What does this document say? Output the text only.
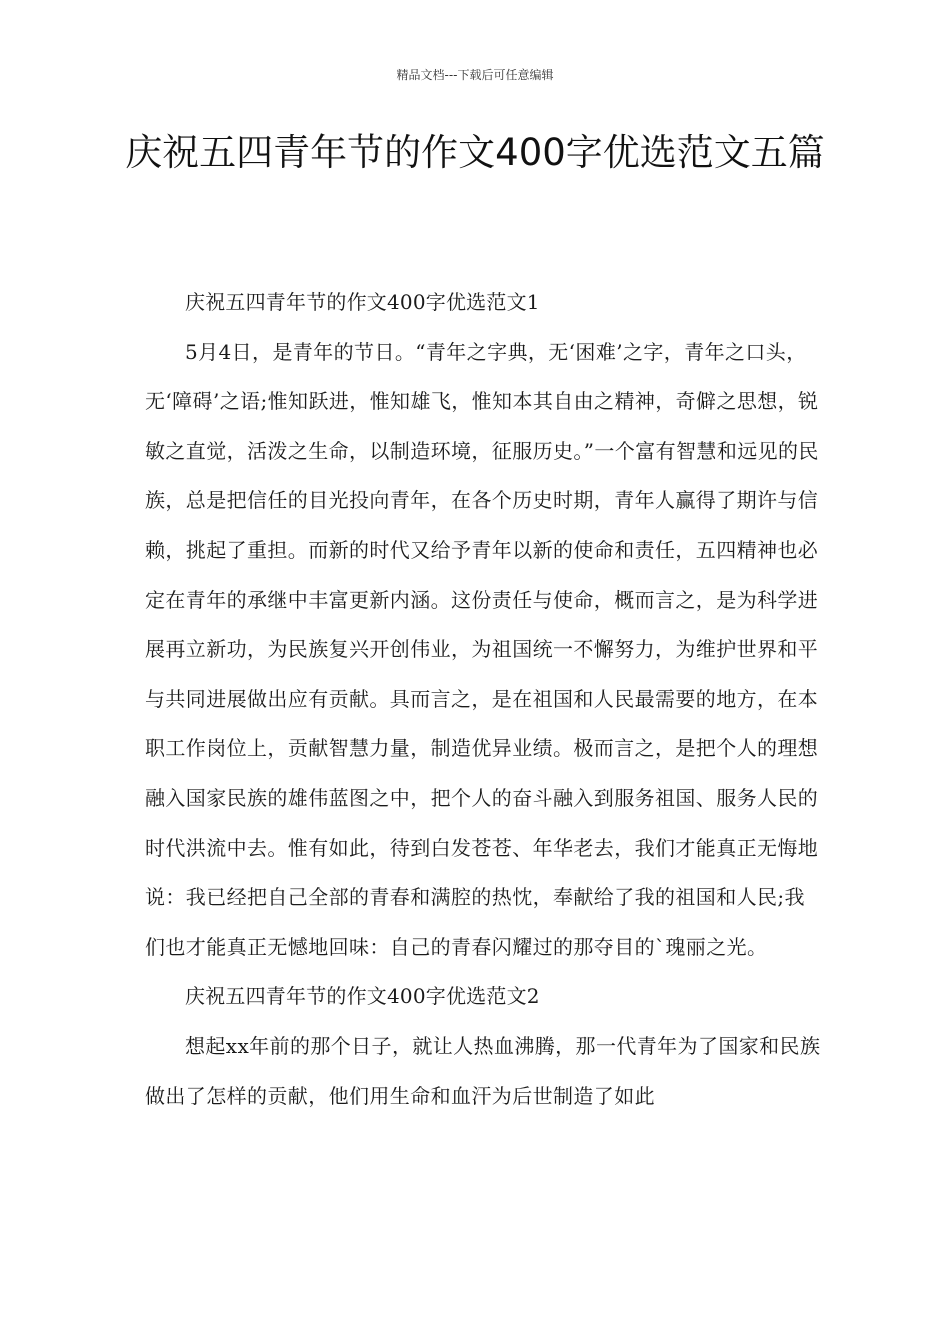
精品文档---下载后可任意编辑
庆祝五四青年节的作文400字优选范文五篇

庆祝五四青年节的作文400字优选范文1

5月4日，是青年的节日。“青年之字典，无‘困难’之字，青年之口头，无‘障碍’之语;惟知跃进，惟知雄飞，惟知本其自由之精神，奇僻之思想，锐敏之直觉，活泼之生命，以制造环境，征服历史。”一个富有智慧和远见的民族，总是把信任的目光投向青年，在各个历史时期，青年人赢得了期许与信赖，挑起了重担。而新的时代又给予青年以新的使命和责任，五四精神也必定在青年的承继中丰富更新内涵。这份责任与使命，概而言之，是为科学进展再立新功，为民族复兴开创伟业，为祖国统一不懈努力，为维护世界和平与共同进展做出应有贡献。具而言之，是在祖国和人民最需要的地方，在本职工作岗位上，贡献智慧力量，制造优异业绩。极而言之，是把个人的理想融入国家民族的雄伟蓝图之中，把个人的奋斗融入到服务祖国、服务人民的时代洪流中去。惟有如此，待到白发苍苍、年华老去，我们才能真正无悔地说：我已经把自己全部的青春和满腔的热忱，奉献给了我的祖国和人民;我们也才能真正无憾地回味：自己的青春闪耀过的那夺目的`瑰丽之光。

庆祝五四青年节的作文400字优选范文2

想起xx年前的那个日子，就让人热血沸腾，那一代青年为了国家和民族做出了怎样的贡献，他们用生命和血汗为后世制造了如此
